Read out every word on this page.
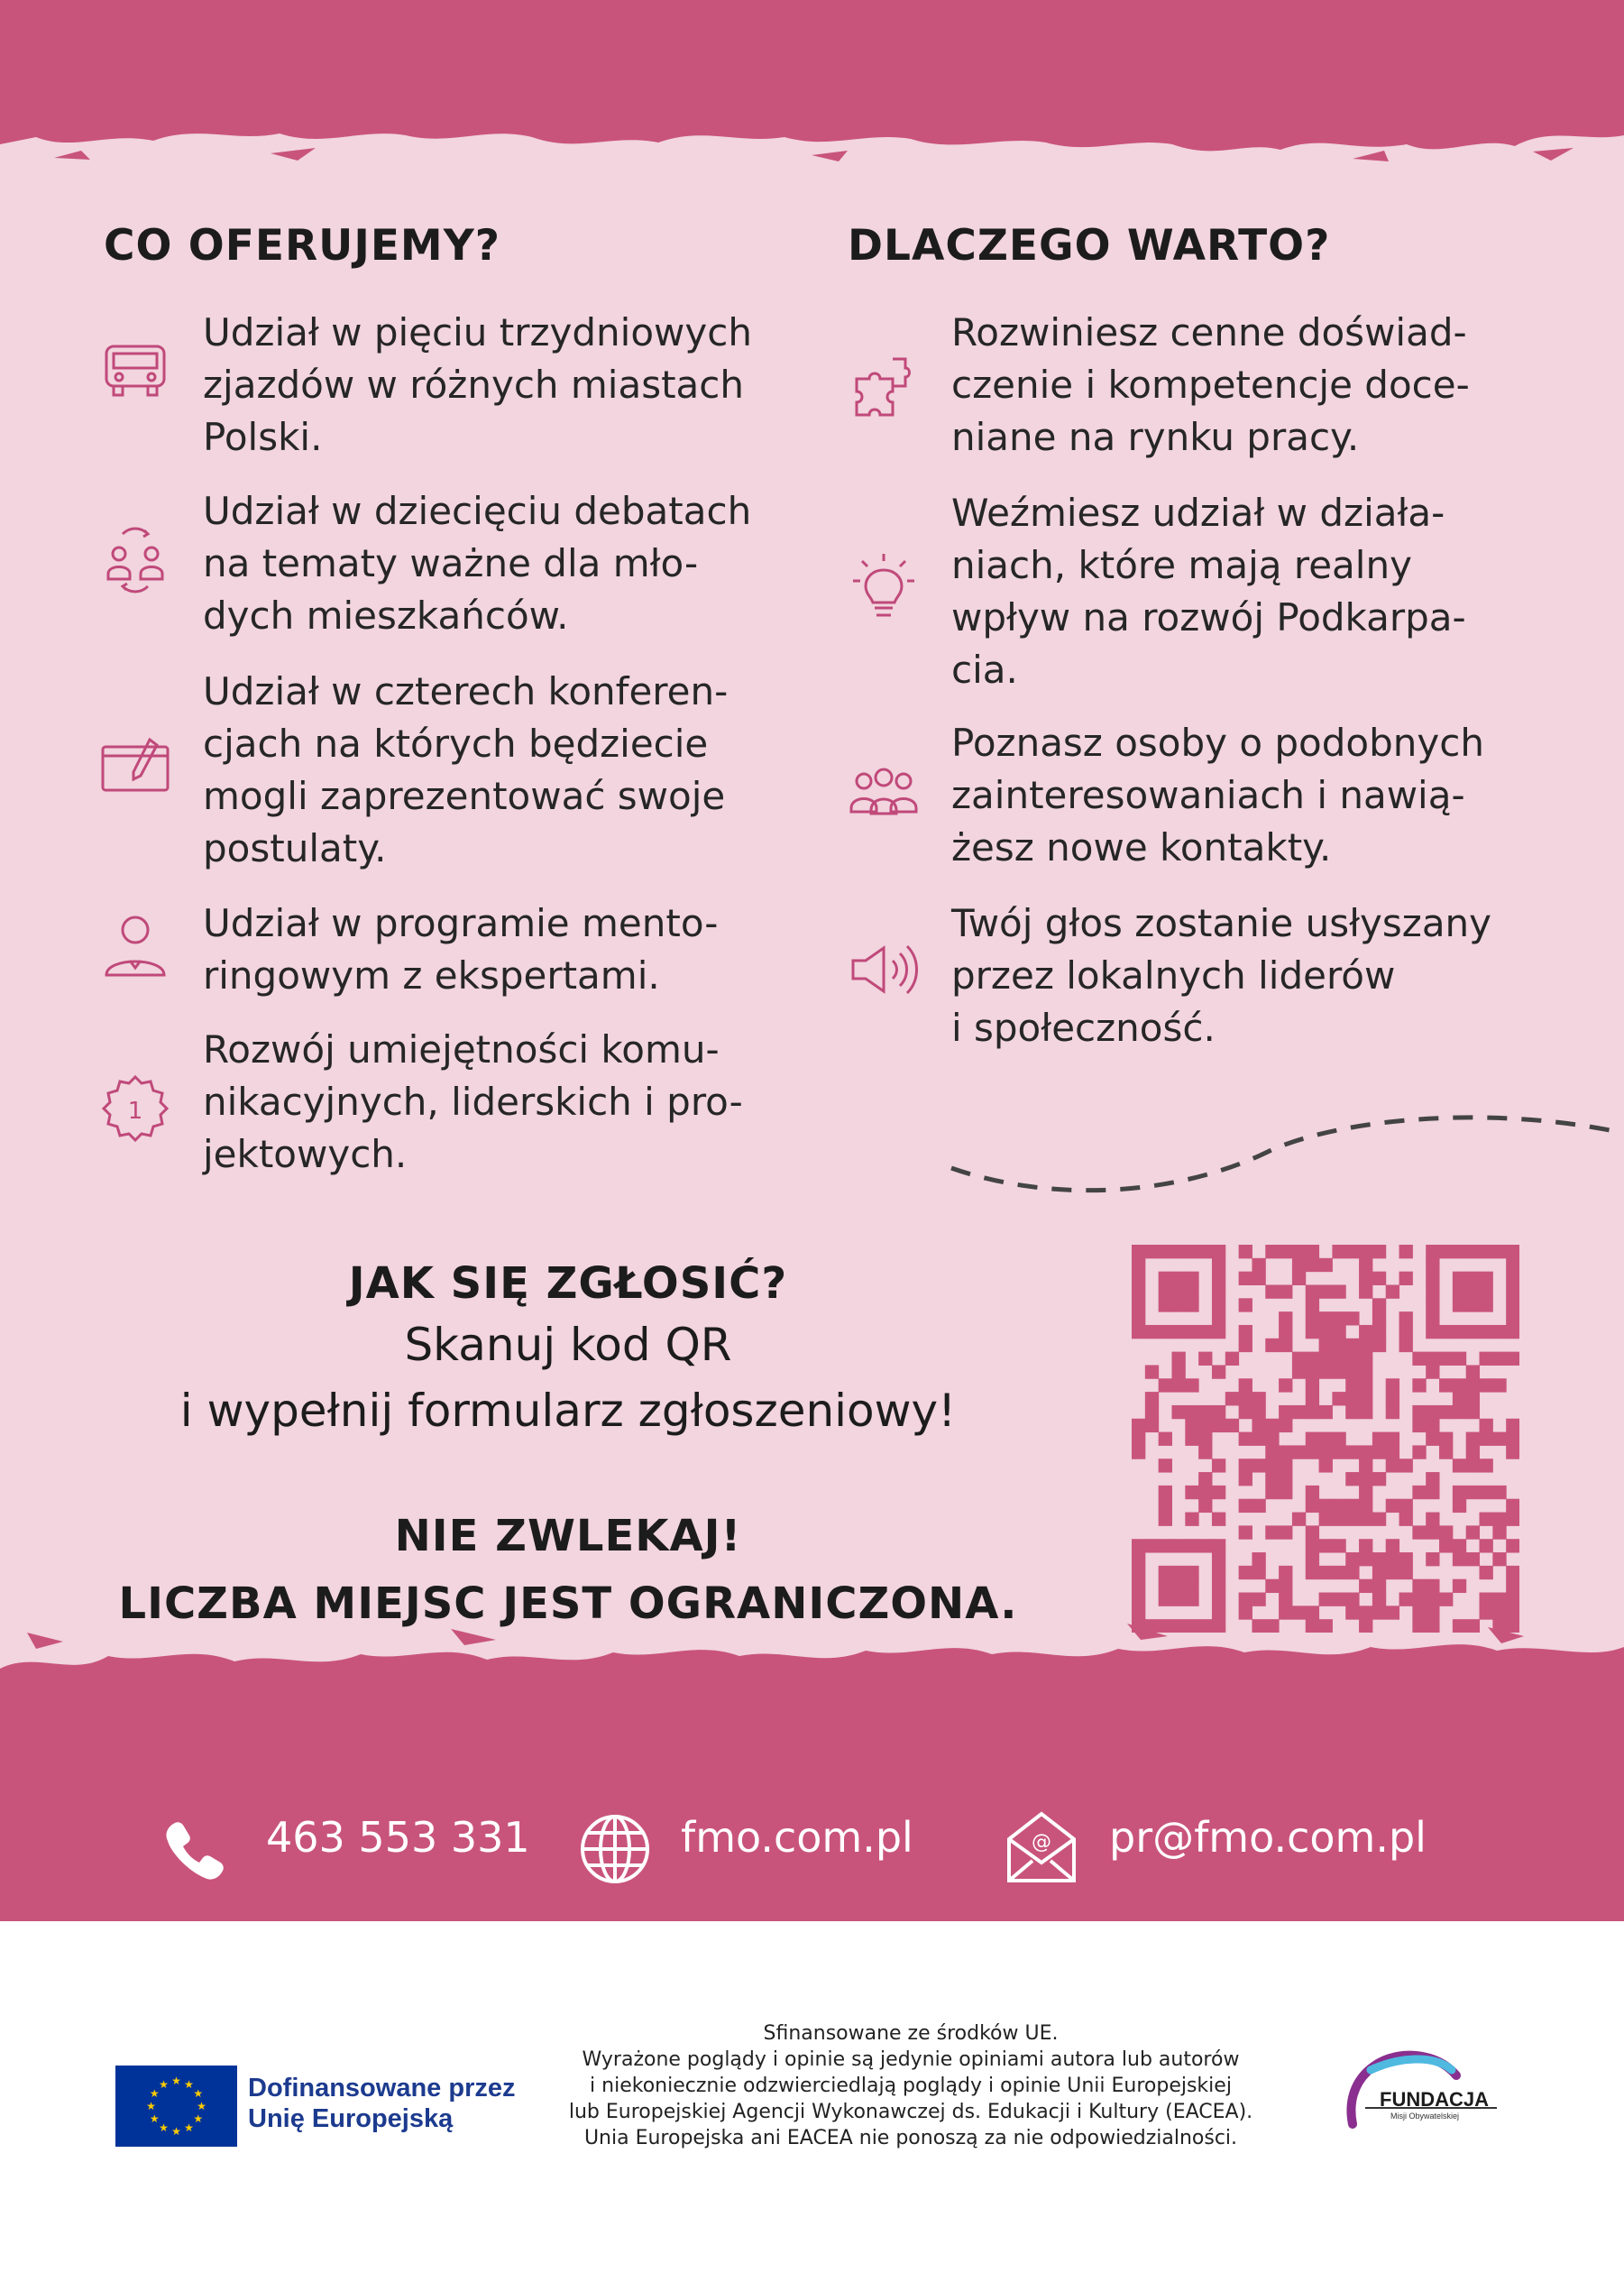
CO OFERUJEMY?	DLACZEGO WARTO?
Udział w pięciu trzydniowych
zjazdów w różnych miastach
Polski.
Udział w dziecięciu debatach
na tematy ważne dla mło-
dych mieszkańców.
Udział w czterech konferen-
cjach na których będziecie
mogli zaprezentować swoje
postulaty.
Udział w programie mento-
ringowym z ekspertami.
1
Rozwój umiejętności komu-
nikacyjnych, liderskich i pro-
jektowych.
Rozwiniesz cenne doświad-
czenie i kompetencje doce-
niane na rynku pracy.
Weźmiesz udział w działa-
niach, które mają realny
wpływ na rozwój Podkarpa-
cia.
Poznasz osoby o podobnych
zainteresowaniach i nawią-
żesz nowe kontakty.
Twój głos zostanie usłyszany
przez lokalnych liderów
i społeczność.
JAK SIĘ ZGŁOSIĆ?
Skanuj kod QR
i wypełnij formularz zgłoszeniowy!
NIE ZWLEKAJ!
LICZBA MIEJSC JEST OGRANICZONA.
463 553 331	fmo.com.pl	@ pr@fmo.com.pl
★
★
★
★
★
★
★
★
★ ★ ★
★ Dofinansowane przez
Unię Europejską
Sfinansowane ze środków UE.
Wyrażone poglądy i opinie są jedynie opiniami autora lub autorów
i niekoniecznie odzwierciedlają poglądy i opinie Unii Europejskiej
lub Europejskiej Agencji Wykonawczej ds. Edukacji i Kultury (EACEA).
Unia Europejska ani EACEA nie ponoszą za nie odpowiedzialności.
FUNDACJA
Misji Obywatelskiej
